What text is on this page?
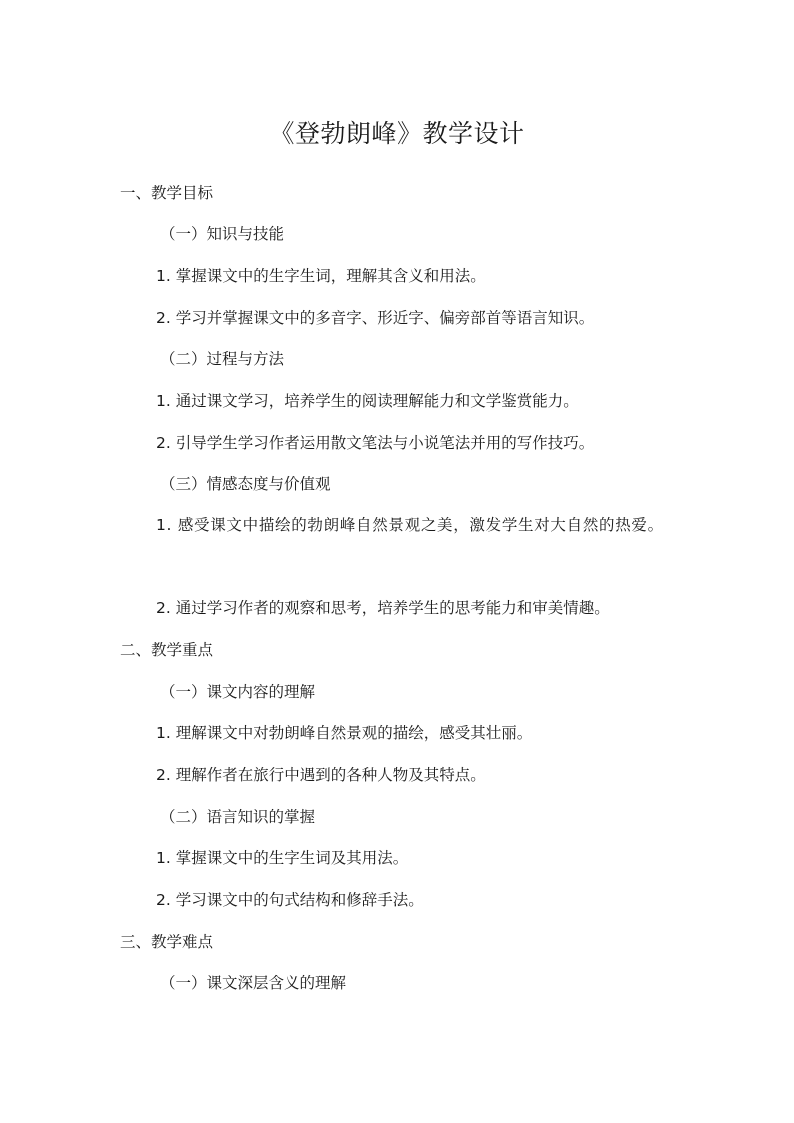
《登勃朗峰》教学设计
一、教学目标
（一）知识与技能
1. 掌握课文中的生字生词，理解其含义和用法。
2. 学习并掌握课文中的多音字、形近字、偏旁部首等语言知识。
（二）过程与方法
1. 通过课文学习，培养学生的阅读理解能力和文学鉴赏能力。
2. 引导学生学习作者运用散文笔法与小说笔法并用的写作技巧。
（三）情感态度与价值观
1. 感受课文中描绘的勃朗峰自然景观之美，激发学生对大自然的热爱。
2. 通过学习作者的观察和思考，培养学生的思考能力和审美情趣。
二、教学重点
（一）课文内容的理解
1. 理解课文中对勃朗峰自然景观的描绘，感受其壮丽。
2. 理解作者在旅行中遇到的各种人物及其特点。
（二）语言知识的掌握
1. 掌握课文中的生字生词及其用法。
2. 学习课文中的句式结构和修辞手法。
三、教学难点
（一）课文深层含义的理解
